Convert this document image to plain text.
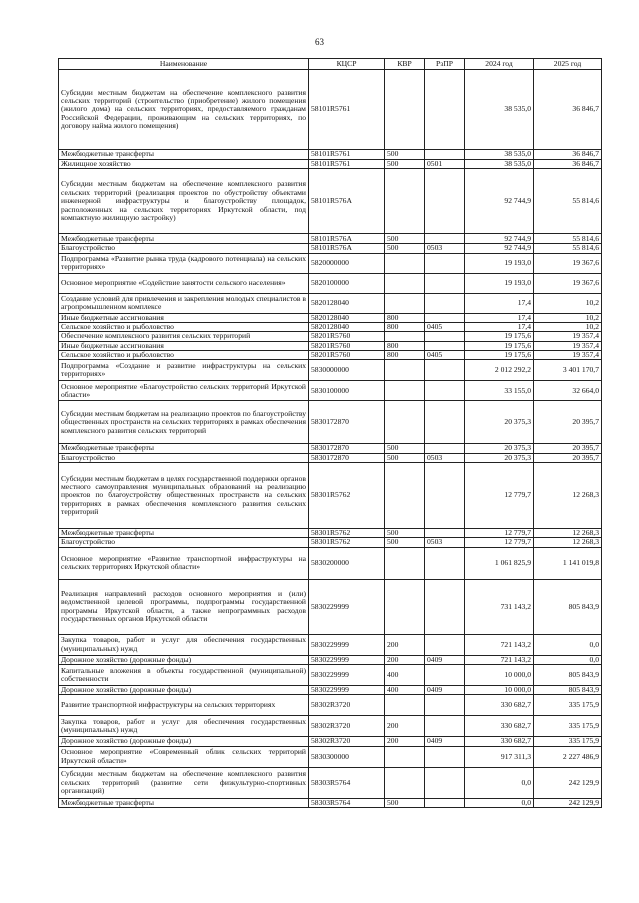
63
Наименование	КЦСР	КВР	РзПР	2024 год	2025 год
Субсидии местным бюджетам на обеспечение комплексного развития сельских территорий (строительство (приобретение) жилого помещения (жилого дома) на сельских территориях, предоставляемого гражданам Российской Федерации, проживающим на сельских территориях, по договору найма жилого помещения)	58101R5761			38 535,0	36 846,7
Межбюджетные трансферты	58101R5761	500		38 535,0	36 846,7
Жилищное хозяйство	58101R5761	500	0501	38 535,0	36 846,7
Субсидии местным бюджетам на обеспечение комплексного развития сельских территорий (реализация проектов по обустройству объектами инженерной инфраструктуры и благоустройству площадок, расположенных на сельских территориях Иркутской области, под компактную жилищную застройку)	58101R576A			92 744,9	55 814,6
Межбюджетные трансферты	58101R576A	500		92 744,9	55 814,6
Благоустройство	58101R576A	500	0503	92 744,9	55 814,6
Подпрограмма «Развитие рынка труда (кадрового потенциала) на сельских территориях»	5820000000			19 193,0	19 367,6
Основное мероприятие «Содействие занятости сельского населения»	5820100000			19 193,0	19 367,6
Создание условий для привлечения и закрепления молодых специалистов в агропромышленном комплексе	5820128040			17,4	10,2
Иные бюджетные ассигнования	5820128040	800		17,4	10,2
Сельское хозяйство и рыболовство	5820128040	800	0405	17,4	10,2
Обеспечение комплексного развития сельских территорий	58201R5760			19 175,6	19 357,4
Иные бюджетные ассигнования	58201R5760	800		19 175,6	19 357,4
Сельское хозяйство и рыболовство	58201R5760	800	0405	19 175,6	19 357,4
Подпрограмма «Создание и развитие инфраструктуры на сельских территориях»	5830000000			2 012 292,2	3 401 170,7
Основное мероприятие «Благоустройство сельских территорий Иркутской области»	5830100000			33 155,0	32 664,0
Субсидии местным бюджетам на реализацию проектов по благоустройству общественных пространств на сельских территориях в рамках обеспечения комплексного развития сельских территорий	5830172870			20 375,3	20 395,7
Межбюджетные трансферты	5830172870	500		20 375,3	20 395,7
Благоустройство	5830172870	500	0503	20 375,3	20 395,7
Субсидии местным бюджетам в целях государственной поддержки органов местного самоуправления муниципальных образований на реализацию проектов по благоустройству общественных пространств на сельских территориях в рамках обеспечения комплексного развития сельских территорий	58301R5762			12 779,7	12 268,3
Межбюджетные трансферты	58301R5762	500		12 779,7	12 268,3
Благоустройство	58301R5762	500	0503	12 779,7	12 268,3
Основное мероприятие «Развитие транспортной инфраструктуры на сельских территориях Иркутской области»	5830200000			1 061 825,9	1 141 019,8
Реализация направлений расходов основного мероприятия и (или) ведомственной целевой программы, подпрограммы государственной программы Иркутской области, а также непрограммных расходов государственных органов Иркутской области	5830229999			731 143,2	805 843,9
Закупка товаров, работ и услуг для обеспечения государственных (муниципальных) нужд	5830229999	200		721 143,2	0,0
Дорожное хозяйство (дорожные фонды)	5830229999	200	0409	721 143,2	0,0
Капитальные вложения в объекты государственной (муниципальной) собственности	5830229999	400		10 000,0	805 843,9
Дорожное хозяйство (дорожные фонды)	5830229999	400	0409	10 000,0	805 843,9
Развитие транспортной инфраструктуры на сельских территориях	58302R3720			330 682,7	335 175,9
Закупка товаров, работ и услуг для обеспечения государственных (муниципальных) нужд	58302R3720	200		330 682,7	335 175,9
Дорожное хозяйство (дорожные фонды)	58302R3720	200	0409	330 682,7	335 175,9
Основное мероприятие «Современный облик сельских территорий Иркутской области»	5830300000			917 311,3	2 227 486,9
Субсидии местным бюджетам на обеспечение комплексного развития сельских территорий (развитие сети физкультурно-спортивных организаций)	58303R5764			0,0	242 129,9
Межбюджетные трансферты	58303R5764	500		0,0	242 129,9
